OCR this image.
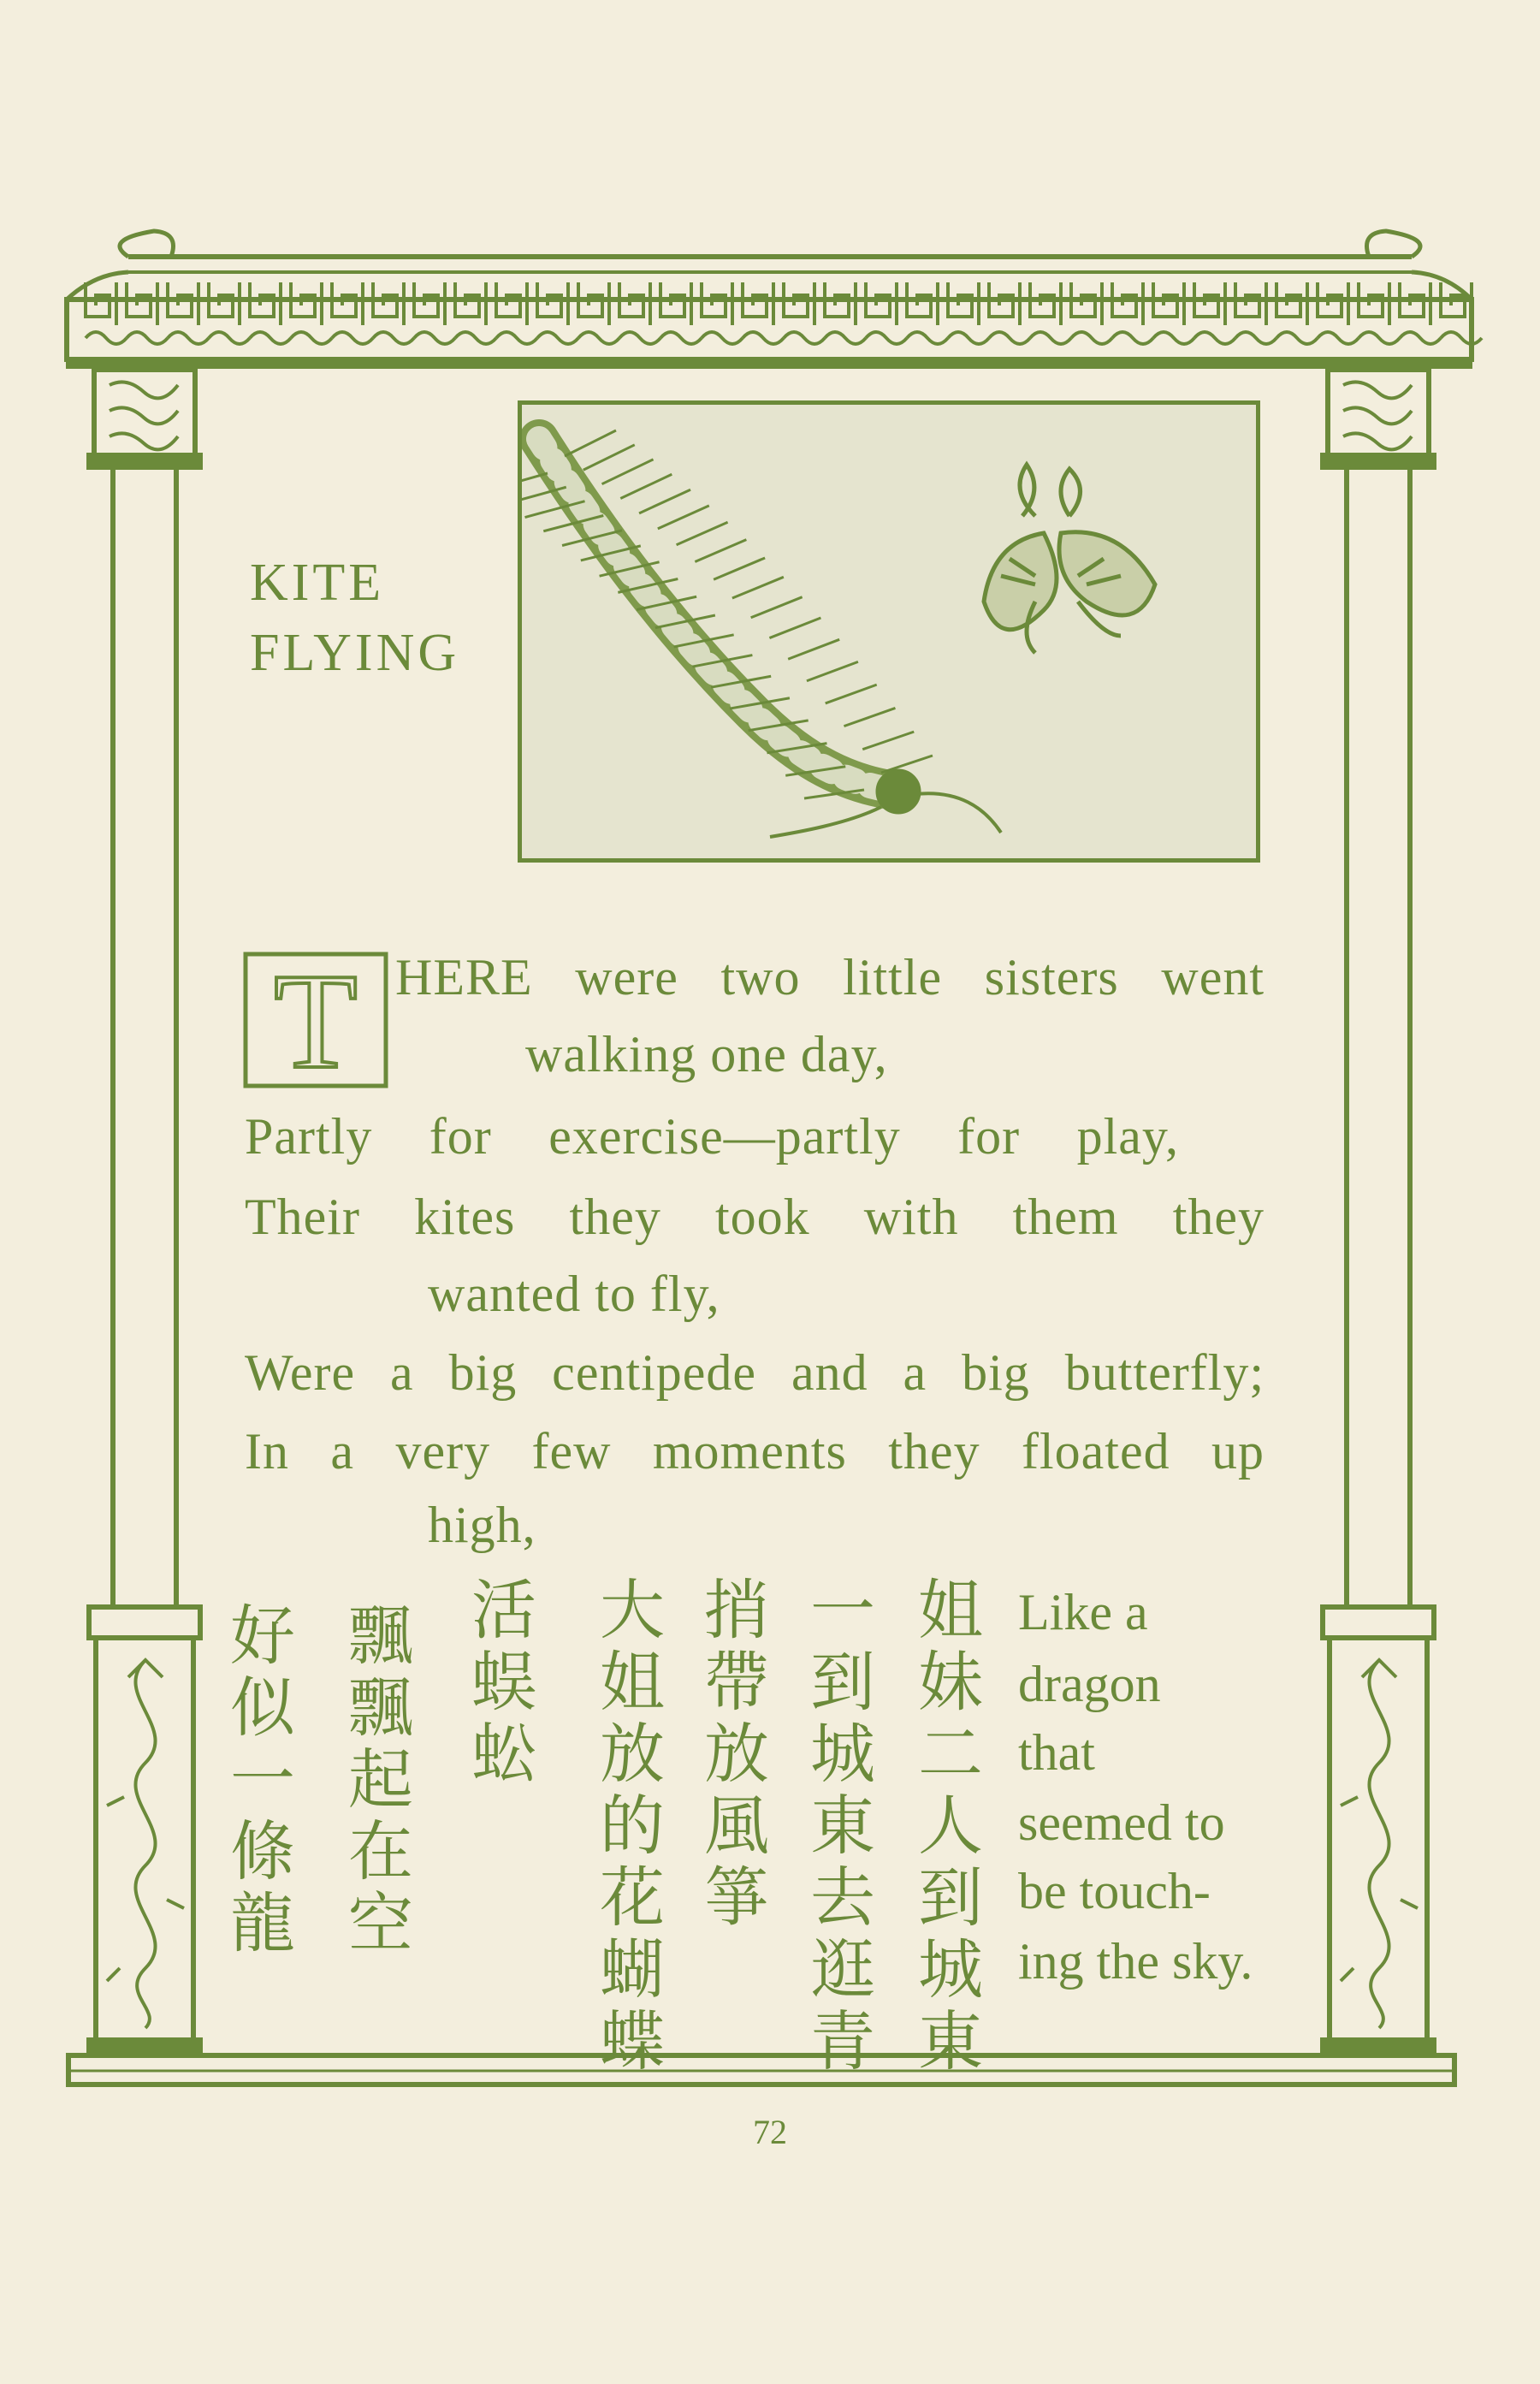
KITE
FLYING
T HERE were two little sisters went
walking one day,
Partly for exercise—partly for play,
Their kites they took with them they
wanted to fly,
Were a big centipede and a big butterfly;
In a very few moments they floated up
high,
姐妹二人到城東
一到城東去逛青
捎帶放風箏
大姐放的花蝴蝶
活蜈蚣
飄飄起在空
好似一條龍
Like a
dragon
that
seemed to
be touch-
ing the sky.
72
